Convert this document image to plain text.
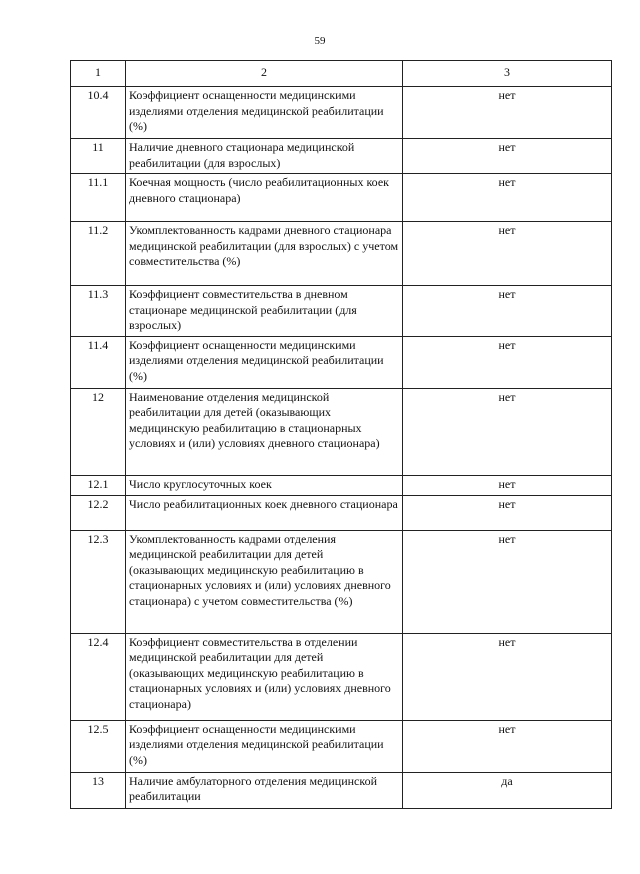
59
1	2	3
10.4	Коэффициент оснащенности медицинскими изделиями отделения медицинской реабилитации (%)	нет
11	Наличие дневного стационара медицинской реабилитации (для взрослых)	нет
11.1	Коечная мощность (число реабилитационных коек дневного стационара)	нет
11.2	Укомплектованность кадрами дневного стационара медицинской реабилитации (для взрослых) с учетом совместительства (%)	нет
11.3	Коэффициент совместительства в дневном стационаре медицинской реабилитации (для взрослых)	нет
11.4	Коэффициент оснащенности медицинскими изделиями отделения медицинской реабилитации (%)	нет
12	Наименование отделения медицинской реабилитации для детей (оказывающих медицинскую реабилитацию в стационарных условиях и (или) условиях дневного стационара)	нет
12.1	Число круглосуточных коек	нет
12.2	Число реабилитационных коек дневного стационара	нет
12.3	Укомплектованность кадрами отделения медицинской реабилитации для детей (оказывающих медицинскую реабилитацию в стационарных условиях и (или) условиях дневного стационара) с учетом совместительства (%)	нет
12.4	Коэффициент совместительства в отделении медицинской реабилитации для детей (оказывающих медицинскую реабилитацию в стационарных условиях и (или) условиях дневного стационара)	нет
12.5	Коэффициент оснащенности медицинскими изделиями отделения медицинской реабилитации (%)	нет
13	Наличие амбулаторного отделения медицинской реабилитации	да
